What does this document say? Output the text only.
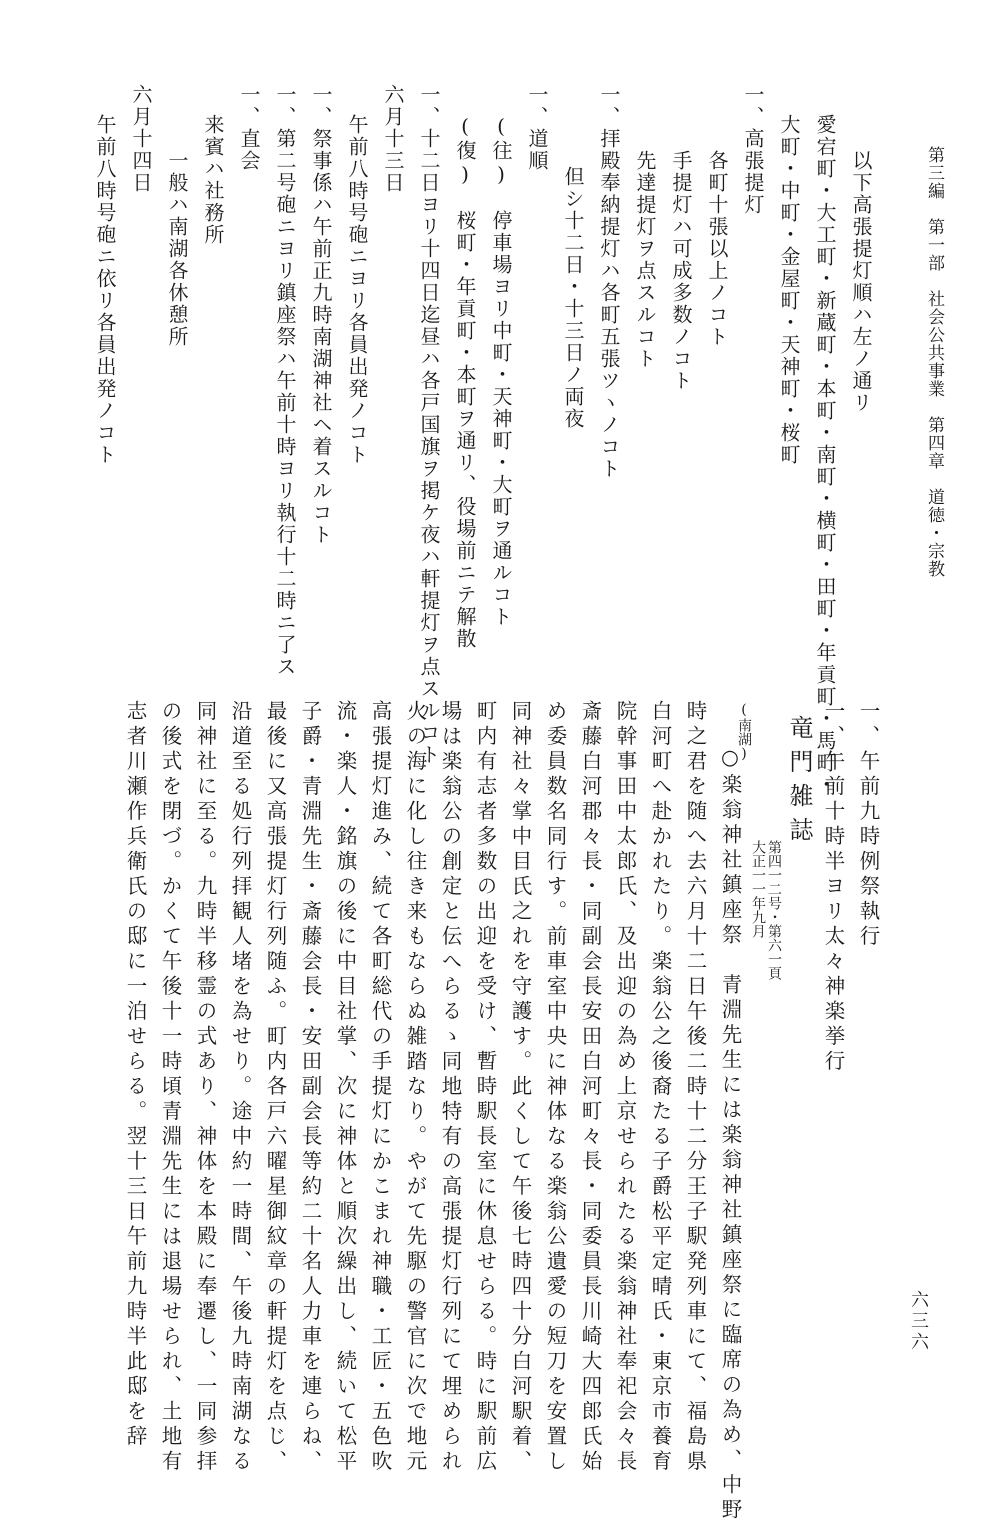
第三編　第一部　社会公共事業　第四章　道徳・宗教
六三六
以下高張提灯順ハ左ノ通リ
愛宕町・大工町・新蔵町・本町・南町・横町・田町・年貢町・馬町・
大町・中町・金屋町・天神町・桜町
一、高張提灯
各町十張以上ノコト
手提灯ハ可成多数ノコト
先達提灯ヲ点スルコト
一、拝殿奉納提灯ハ各町五張ツヽノコト
但シ十二日・十三日ノ両夜
一、道順
(往)　停車場ヨリ中町・天神町・大町ヲ通ルコト
(復)　桜町・年貢町・本町ヲ通リ、役場前ニテ解散
一、十二日ヨリ十四日迄昼ハ各戸国旗ヲ掲ケ夜ハ軒提灯ヲ点スルコト
六月十三日
午前八時号砲ニヨリ各員出発ノコト
一、祭事係ハ午前正九時南湖神社ヘ着スルコト
一、第二号砲ニヨリ鎮座祭ハ午前十時ヨリ執行十二時ニ了ス
一、直会
来賓ハ社務所
一般ハ南湖各休憩所
六月十四日
午前八時号砲ニ依リ各員出発ノコト
一、午前九時例祭執行
一、午前十時半ヨリ太々神楽挙行
竜門雑誌
第四一二号・第六一頁
大正一一年九月
(南湖)
○楽翁神社鎮座祭　青淵先生には楽翁神社鎮座祭に臨席の為め、中野
時之君を随へ去六月十二日午後二時十二分王子駅発列車にて、福島県
白河町へ赴かれたり。楽翁公之後裔たる子爵松平定晴氏・東京市養育
院幹事田中太郎氏、及出迎の為め上京せられたる楽翁神社奉祀会々長
斎藤白河郡々長・同副会長安田白河町々長・同委員長川崎大四郎氏始
め委員数名同行す。前車室中央に神体なる楽翁公遺愛の短刀を安置し
同神社々掌中目氏之れを守護す。此くして午後七時四十分白河駅着、
町内有志者多数の出迎を受け、暫時駅長室に休息せらる。時に駅前広
場は楽翁公の創定と伝へらるゝ同地特有の高張提灯行列にて埋められ
火の海に化し往き来もならぬ雑踏なり。やがて先駆の警官に次で地元
高張提灯進み、続て各町総代の手提灯にかこまれ神職・工匠・五色吹
流・楽人・銘旗の後に中目社掌、次に神体と順次繰出し、続いて松平
子爵・青淵先生・斎藤会長・安田副会長等約二十名人力車を連らね、
最後に又高張提灯行列随ふ。町内各戸六曜星御紋章の軒提灯を点じ、
沿道至る処行列拝観人堵を為せり。途中約一時間、午後九時南湖なる
同神社に至る。九時半移霊の式あり、神体を本殿に奉遷し、一同参拝
の後式を閉づ。かくて午後十一時頃青淵先生には退場せられ、土地有
志者川瀬作兵衛氏の邸に一泊せらる。翌十三日午前九時半此邸を辞
